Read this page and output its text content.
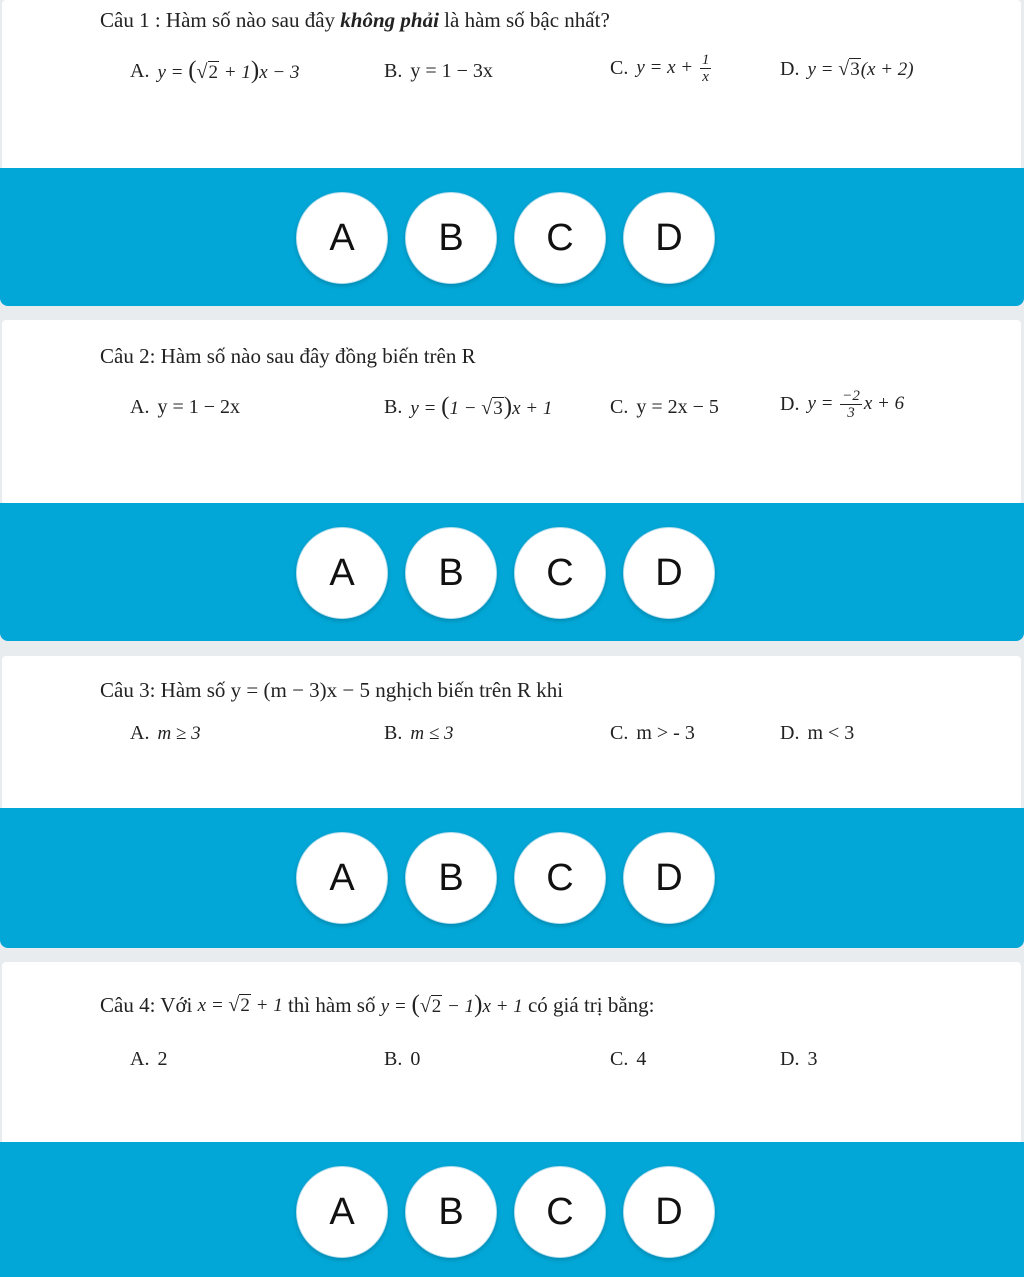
Câu 1 : Hàm số nào sau đây không phải là hàm số bậc nhất?
A. y = ( √ 2 + 1)x − 3	B. y = 1 − 3x	C. $y = x + \frac{1}{x}$	D. y = √ 3 (x + 2)
A	B	C	D
Câu 2: Hàm số nào sau đây đồng biến trên R
A. y = 1 − 2x	B. y = (1 − √ 3 )x + 1	C. y = 2x − 5	D. $y = \frac{-2}{3}$ x + 6
A	B	C	D
Câu 3: Hàm số y = (m − 3)x − 5 nghịch biến trên R khi
A. m ≥ 3	B. m ≤ 3	C. m > - 3	D. m < 3
A	B	C	D
Câu 4: Với
x = √ 2 + 1
thì hàm số
y = ( √ 2 − 1)x + 1
có giá trị bằng:
A. 2	B. 0	C. 4	D. 3
A	B	C	D
